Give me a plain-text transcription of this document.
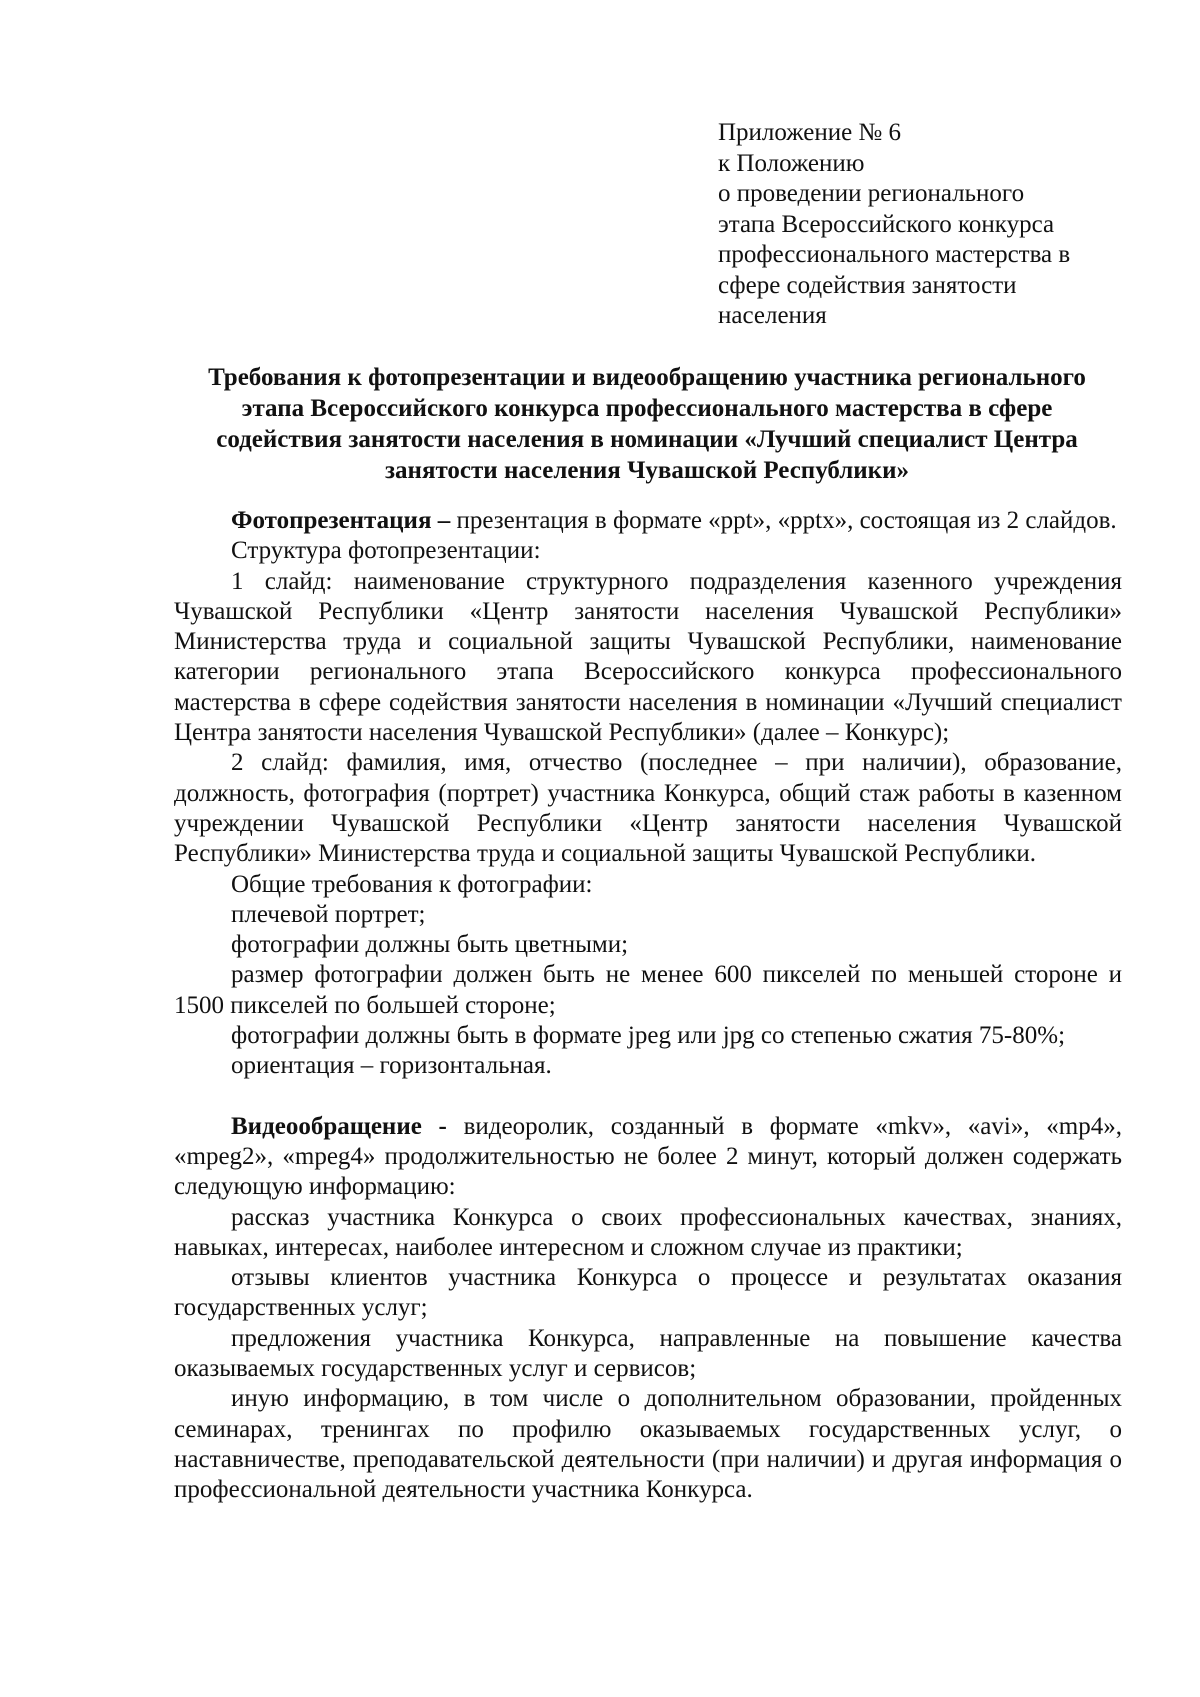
Приложение № 6
к Положению
о проведении регионального
этапа Всероссийского конкурса
профессионального мастерства в
сфере содействия занятости
населения
Требования к фотопрезентации и видеообращению участника регионального
этапа Всероссийского конкурса профессионального мастерства в сфере
содействия занятости населения в номинации «Лучший специалист Центра
занятости населения Чувашской Республики»

Фотопрезентация – презентация в формате «ppt», «pptx», состоящая из 2 слайдов.

Структура фотопрезентации:

1 слайд: наименование структурного подразделения казенного учреждения Чувашской Республики «Центр занятости населения Чувашской Республики» Министерства труда и социальной защиты Чувашской Республики, наименование категории регионального этапа Всероссийского конкурса профессионального мастерства в сфере содействия занятости населения в номинации «Лучший специалист Центра занятости населения Чувашской Республики» (далее – Конкурс);

2 слайд: фамилия, имя, отчество (последнее – при наличии), образование, должность, фотография (портрет) участника Конкурса, общий стаж работы в казенном учреждении Чувашской Республики «Центр занятости населения Чувашской Республики» Министерства труда и социальной защиты Чувашской Республики.

Общие требования к фотографии:

плечевой портрет;

фотографии должны быть цветными;

размер фотографии должен быть не менее 600 пикселей по меньшей стороне и 1500 пикселей по большей стороне;

фотографии должны быть в формате jpeg или jpg со степенью сжатия 75-80%;

ориентация – горизонтальная.

Видеообращение - видеоролик, созданный в формате «mkv», «avi», «mp4», «mpeg2», «mpeg4» продолжительностью не более 2 минут, который должен содержать следующую информацию:

рассказ участника Конкурса о своих профессиональных качествах, знаниях, навыках, интересах, наиболее интересном и сложном случае из практики;

отзывы клиентов участника Конкурса о процессе и результатах оказания государственных услуг;

предложения участника Конкурса, направленные на повышение качества оказываемых государственных услуг и сервисов;

иную информацию, в том числе о дополнительном образовании, пройденных семинарах, тренингах по профилю оказываемых государственных услуг, о наставничестве, преподавательской деятельности (при наличии) и другая информация о профессиональной деятельности участника Конкурса.
